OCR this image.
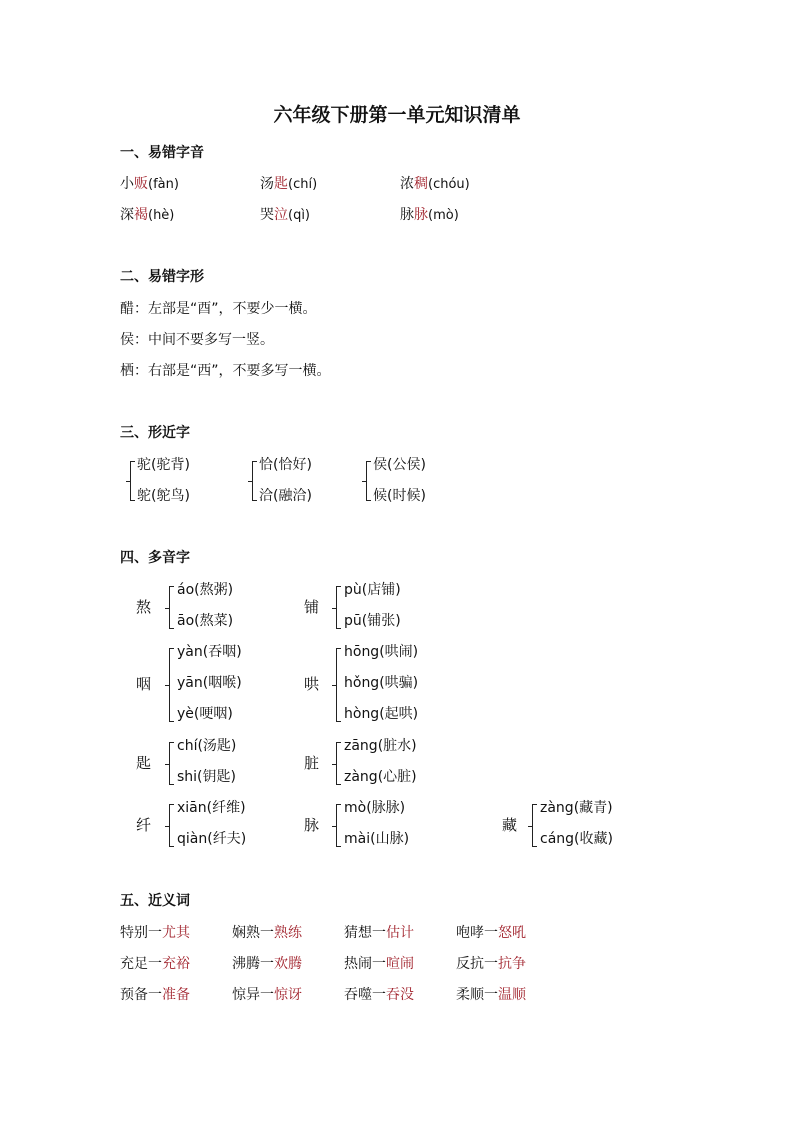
六年级下册第一单元知识清单
一、易错字音
小贩(fàn)	汤匙(chí)	浓稠(chóu)
深褐(hè)	哭泣(qì)	脉脉(mò)
二、易错字形
醋：左部是“酉”，不要少一横。
侯：中间不要多写一竖。
栖：右部是“西”，不要多写一横。
三、形近字
驼(驼背)
鸵(鸵鸟)
恰(恰好)
洽(融洽)
侯(公侯)
候(时候)
四、多音字
熬
áo(熬粥)
āo(熬菜)
铺
pù(店铺)
pū(铺张)
咽
yàn(吞咽)
yān(咽喉)
yè(哽咽)
哄
hōng(哄闹)
hǒng(哄骗)
hòng(起哄)
匙
chí(汤匙)
shi(钥匙)
脏
zāng(脏水)
zàng(心脏)
纤
xiān(纤维)
qiàn(纤夫)
脉
mò(脉脉)
mài(山脉)
藏
zàng(藏青)
cáng(收藏)
五、近义词
特别一尤其	娴熟一熟练	猜想一估计	咆哮一怒吼
充足一充裕	沸腾一欢腾	热闹一喧闹	反抗一抗争
预备一准备	惊异一惊讶	吞噬一吞没	柔顺一温顺
